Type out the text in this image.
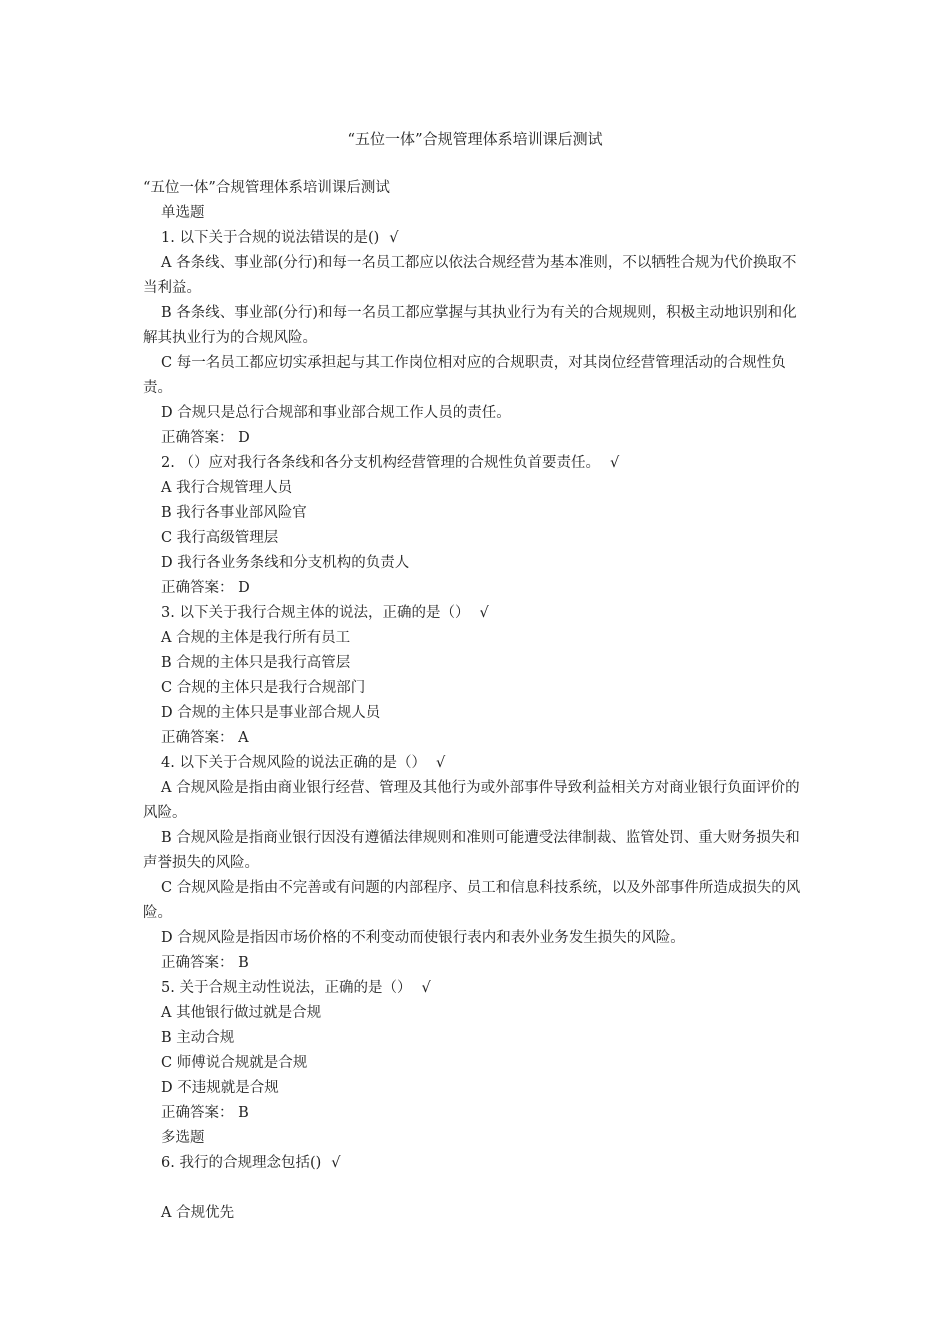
“五位一体”合规管理体系培训课后测试

“五位一体”合规管理体系培训课后测试

单选题

1. 以下关于合规的说法错误的是() √

A 各条线、事业部(分行)和每一名员工都应以依法合规经营为基本准则，不以牺牲合规为代价换取不当利益。

B 各条线、事业部(分行)和每一名员工都应掌握与其执业行为有关的合规规则，积极主动地识别和化解其执业行为的合规风险。

C 每一名员工都应切实承担起与其工作岗位相对应的合规职责，对其岗位经营管理活动的合规性负责。

D 合规只是总行合规部和事业部合规工作人员的责任。

正确答案： D

2. （）应对我行各条线和各分支机构经营管理的合规性负首要责任。 √

A 我行合规管理人员

B 我行各事业部风险官

C 我行高级管理层

D 我行各业务条线和分支机构的负责人

正确答案： D

3. 以下关于我行合规主体的说法，正确的是（） √

A 合规的主体是我行所有员工

B 合规的主体只是我行高管层

C 合规的主体只是我行合规部门

D 合规的主体只是事业部合规人员

正确答案： A

4. 以下关于合规风险的说法正确的是（） √

A 合规风险是指由商业银行经营、管理及其他行为或外部事件导致利益相关方对商业银行负面评价的风险。

B 合规风险是指商业银行因没有遵循法律规则和准则可能遭受法律制裁、监管处罚、重大财务损失和声誉损失的风险。

C 合规风险是指由不完善或有问题的内部程序、员工和信息科技系统，以及外部事件所造成损失的风险。

D 合规风险是指因市场价格的不利变动而使银行表内和表外业务发生损失的风险。

正确答案： B

5. 关于合规主动性说法，正确的是（） √

A 其他银行做过就是合规

B 主动合规

C 师傅说合规就是合规

D 不违规就是合规

正确答案： B

多选题

6. 我行的合规理念包括() √

A 合规优先
